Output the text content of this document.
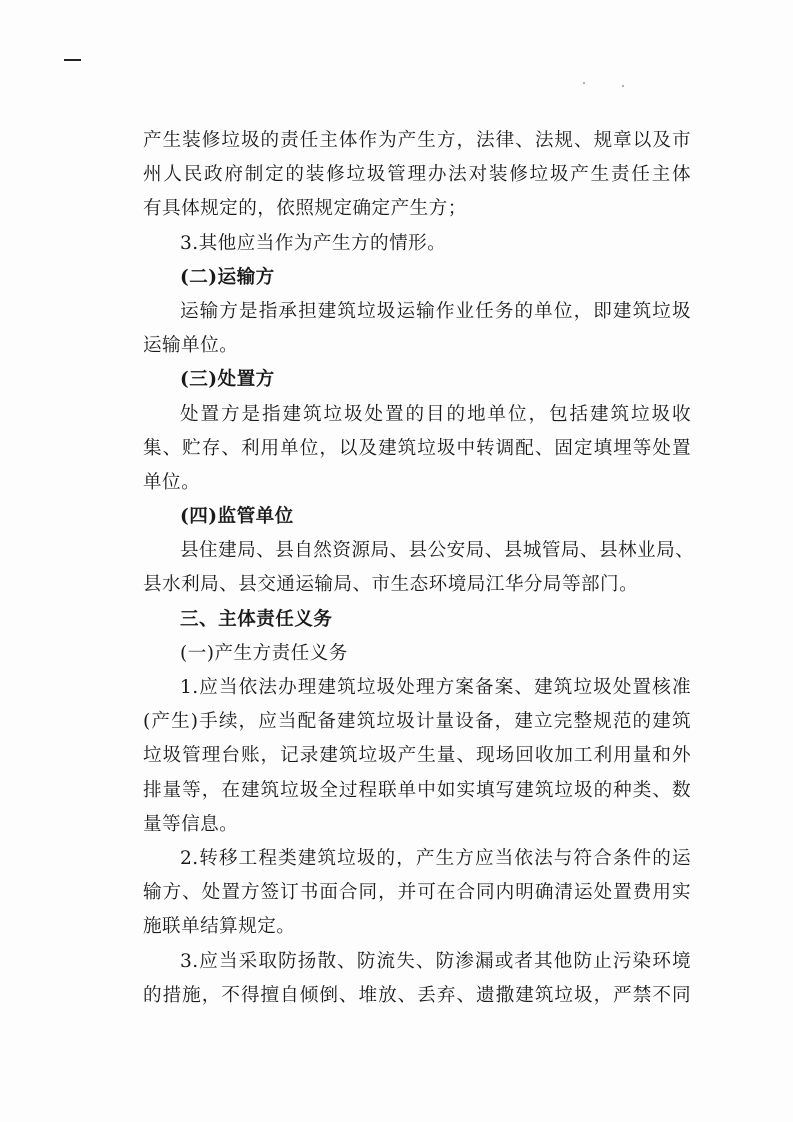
产生装修垃圾的责任主体作为产生方，法律、法规、规章以及市
州人民政府制定的装修垃圾管理办法对装修垃圾产生责任主体
有具体规定的，依照规定确定产生方；
3.其他应当作为产生方的情形。
(二)运输方
运输方是指承担建筑垃圾运输作业任务的单位，即建筑垃圾
运输单位。
(三)处置方
处置方是指建筑垃圾处置的目的地单位，包括建筑垃圾收
集、贮存、利用单位，以及建筑垃圾中转调配、固定填埋等处置
单位。
(四)监管单位
县住建局、县自然资源局、县公安局、县城管局、县林业局、
县水利局、县交通运输局、市生态环境局江华分局等部门。
三、主体责任义务
(一)产生方责任义务
1.应当依法办理建筑垃圾处理方案备案、建筑垃圾处置核准
(产生)手续，应当配备建筑垃圾计量设备，建立完整规范的建筑
垃圾管理台账，记录建筑垃圾产生量、现场回收加工利用量和外
排量等，在建筑垃圾全过程联单中如实填写建筑垃圾的种类、数
量等信息。
2.转移工程类建筑垃圾的，产生方应当依法与符合条件的运
输方、处置方签订书面合同，并可在合同内明确清运处置费用实
施联单结算规定。
3.应当采取防扬散、防流失、防渗漏或者其他防止污染环境
的措施，不得擅自倾倒、堆放、丢弃、遗撒建筑垃圾，严禁不同
